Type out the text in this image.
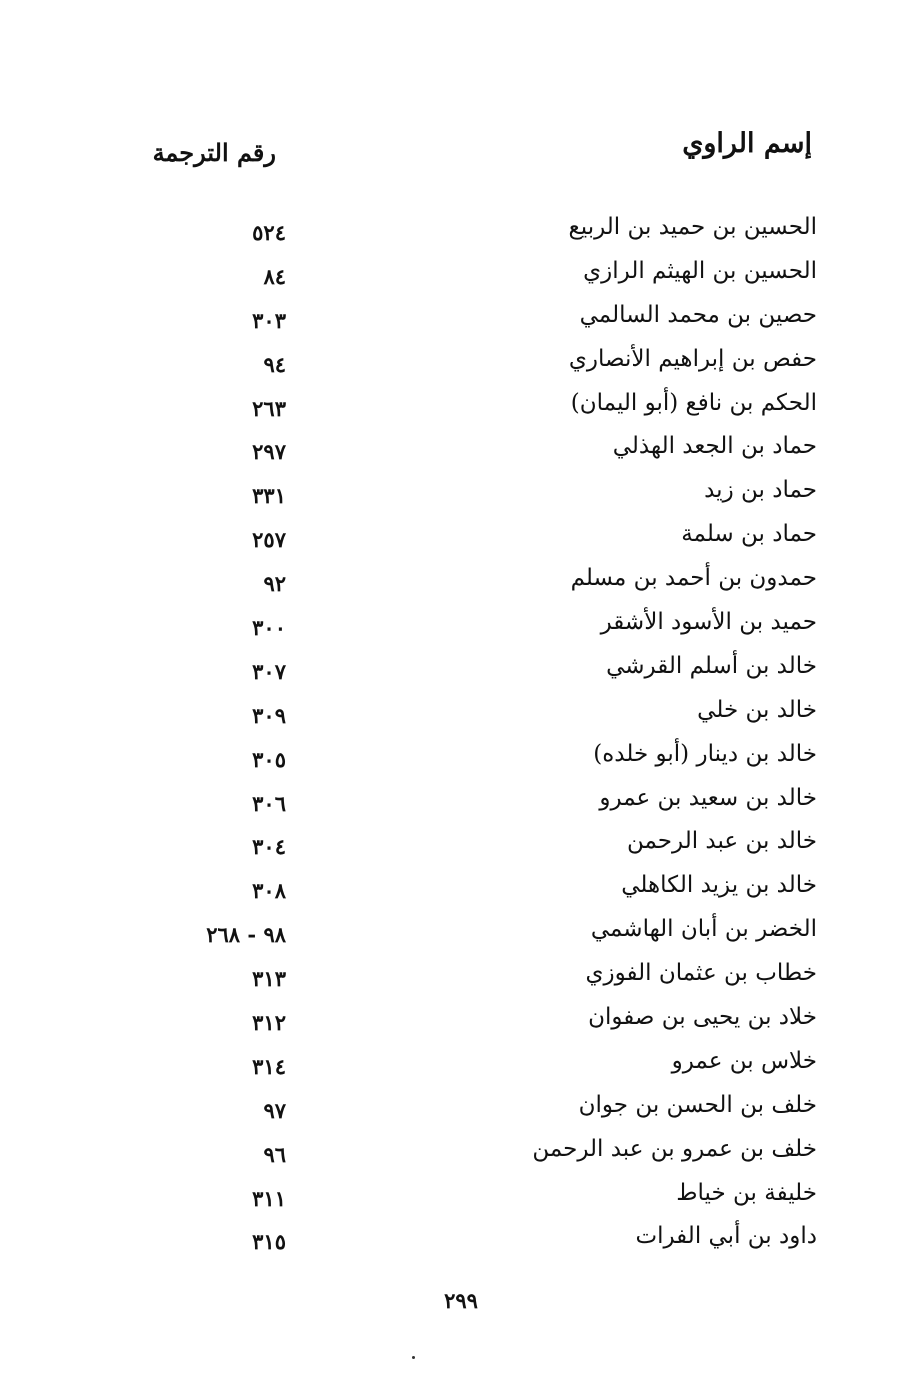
إسم الراوي
رقم الترجمة
الحسين بن حميد بن الربيع
٥٢٤
الحسين بن الهيثم الرازي
٨٤
حصين بن محمد السالمي
٣٠٣
حفص بن إبراهيم الأنصاري
٩٤
الحكم بن نافع (أبو اليمان)
٢٦٣
حماد بن الجعد الهذلي
٢٩٧
حماد بن زيد
٣٣١
حماد بن سلمة
٢٥٧
حمدون بن أحمد بن مسلم
٩٢
حميد بن الأسود الأشقر
٣٠٠
خالد بن أسلم القرشي
٣٠٧
خالد بن خلي
٣٠٩
خالد بن دينار (أبو خلده)
٣٠٥
خالد بن سعيد بن عمرو
٣٠٦
خالد بن عبد الرحمن
٣٠٤
خالد بن يزيد الكاهلي
٣٠٨
الخضر بن أبان الهاشمي
٩٨ - ٢٦٨
خطاب بن عثمان الفوزي
٣١٣
خلاد بن يحيى بن صفوان
٣١٢
خلاس بن عمرو
٣١٤
خلف بن الحسن بن جوان
٩٧
خلف بن عمرو بن عبد الرحمن
٩٦
خليفة بن خياط
٣١١
داود بن أبي الفرات
٣١٥
٢٩٩
